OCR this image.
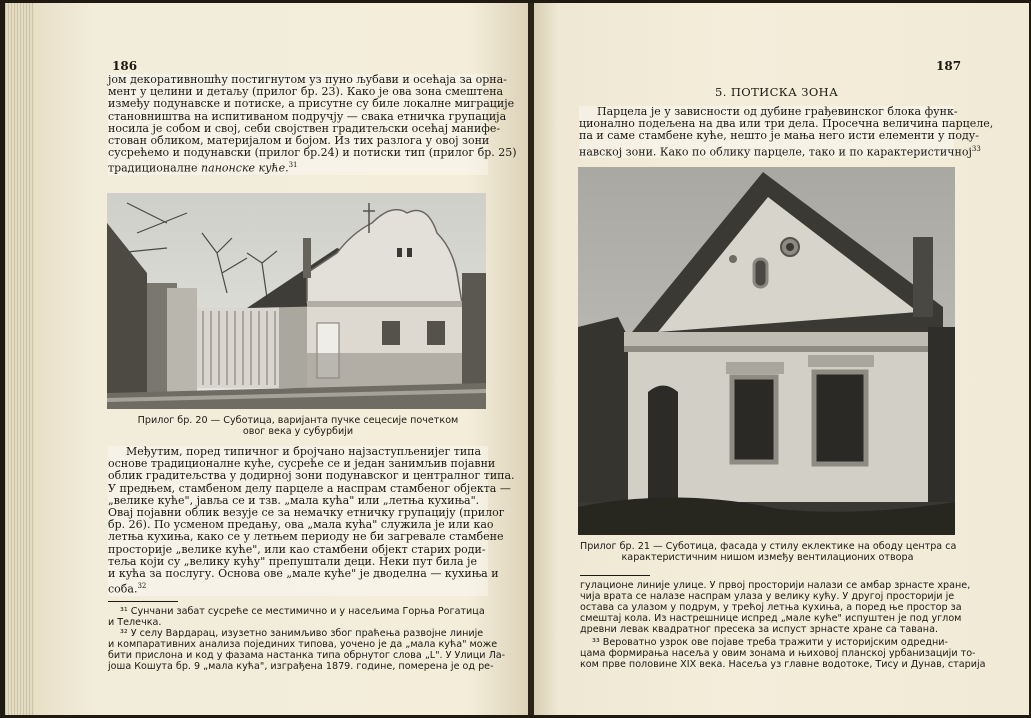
186
јом декоративношћу постигнутом уз пуно љубави и осећаја за орна-
мент у целини и детаљу (прилог бр. 23). Како је ова зона смештена
између подунавске и потиске, а присутне су биле локалне миграције
становништва на испитиваном подручју — свака етничка групација
носила је собом и свој, себи својствен градитељски осећај манифе-
стован обликом, материјалом и бојом. Из тих разлога у овој зони
сусрећемо и подунавски (прилог бр.24) и потиски тип (прилог бр. 25)
традиционалне панонске куће.$^{31}$
Прилог бр. 20 — Суботица, варијанта пучке сецесије почетком
овог века у субурбији
Међутим, поред типичног и бројчано најзаступљенијег типа
основе традиционалне куће, сусреће се и један занимљив појавни
облик градитељства у додирној зони подунавског и централног типа.
У предњем, стамбеном делу парцеле а наспрам стамбеног објекта —
„велике куће", јавља се и тзв. „мала кућа" или „летња кухиња".
Овај појавни облик везује се за немачку етничку групацију (прилог
бр. 26). По усменом предању, ова „мала кућа" служила је или као
летња кухиња, како се у летњем периоду не би загревале стамбене
просторије „велике куће", или као стамбени објект старих роди-
теља који су „велику кућу" препуштали деци. Неки пут била је
и кућа за послугу. Основа ове „мале куће" је дводелна — кухиња и
соба.$^{32}$
³¹ Сунчани забат сусреће се местимично и у насељима Горња Рогатица
и Телечка.
³² У селу Вардарац, изузетно занимљиво због праћења развојне линије
и компаративних анализа појединих типова, уочено је да „мала кућа" може
бити прислона и код у фазама настанка типа обрнутог слова „L". У Улици Ла-
јоша Кошута бр. 9 „мала кућа", изграђена 1879. године, померена је од ре-
187
5. ПОТИСКА ЗОНА
Парцела је у зависности од дубине грађевинског блока функ-
ционално подељена на два или три дела. Просечна величина парцеле,
па и саме стамбене куће, нешто је мања него исти елементи у поду-
навској зони. Како по облику парцеле, тако и по карактеристичној$^{33}$
Прилог бр. 21 — Суботица, фасада у стилу еклектике на ободу центра са
карактеристичним нишом између вентилационих отвора
гулационе линије улице. У првој просторији налази се амбар зрнасте хране,
чија врата се налазе наспрам улаза у велику кућу. У другој просторији је
остава са улазом у подрум, у трећој летња кухиња, а поред ње простор за
смештај кола. Из настрешнице испред „мале куће" испуштен је под углом
древни левак квадратног пресека за испуст зрнасте хране са тавана.
³³ Вероватно узрок ове појаве треба тражити у историјским одредни-
цама формирања насеља у овим зонама и њиховој планској урбанизацији то-
ком прве половине XIX века. Насеља уз главне водотоке, Тису и Дунав, старија
